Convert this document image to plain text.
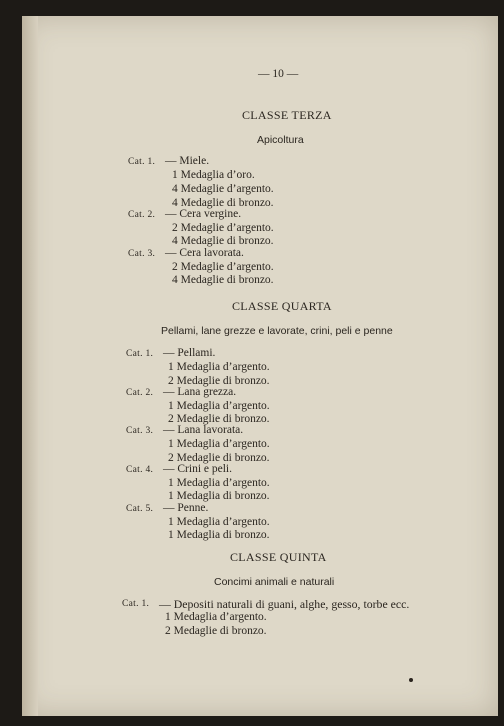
— 10 —
CLASSE TERZA
Apicoltura
Cat. 1. — Miele.
1 Medaglia d’oro.
4 Medaglie d’argento.
4 Medaglie di bronzo.
Cat. 2. — Cera vergine.
2 Medaglie d’argento.
4 Medaglie di bronzo.
Cat. 3. — Cera lavorata.
2 Medaglie d’argento.
4 Medaglie di bronzo.
CLASSE QUARTA
Pellami, lane grezze e lavorate, crini, peli e penne
Cat. 1. — Pellami.
1 Medaglia d’argento.
2 Medaglie di bronzo.
Cat. 2. — Lana grezza.
1 Medaglia d’argento.
2 Medaglie di bronzo.
Cat. 3. — Lana lavorata.
1 Medaglia d’argento.
2 Medaglie di bronzo.
Cat. 4. — Crini e peli.
1 Medaglia d’argento.
1 Medaglia di bronzo.
Cat. 5. — Penne.
1 Medaglia d’argento.
1 Medaglia di bronzo.
CLASSE QUINTA
Concimi animali e naturali
Cat. 1. — Depositi naturali di guani, alghe, gesso, torbe ecc.
1 Medaglia d’argento.
2 Medaglie di bronzo.
